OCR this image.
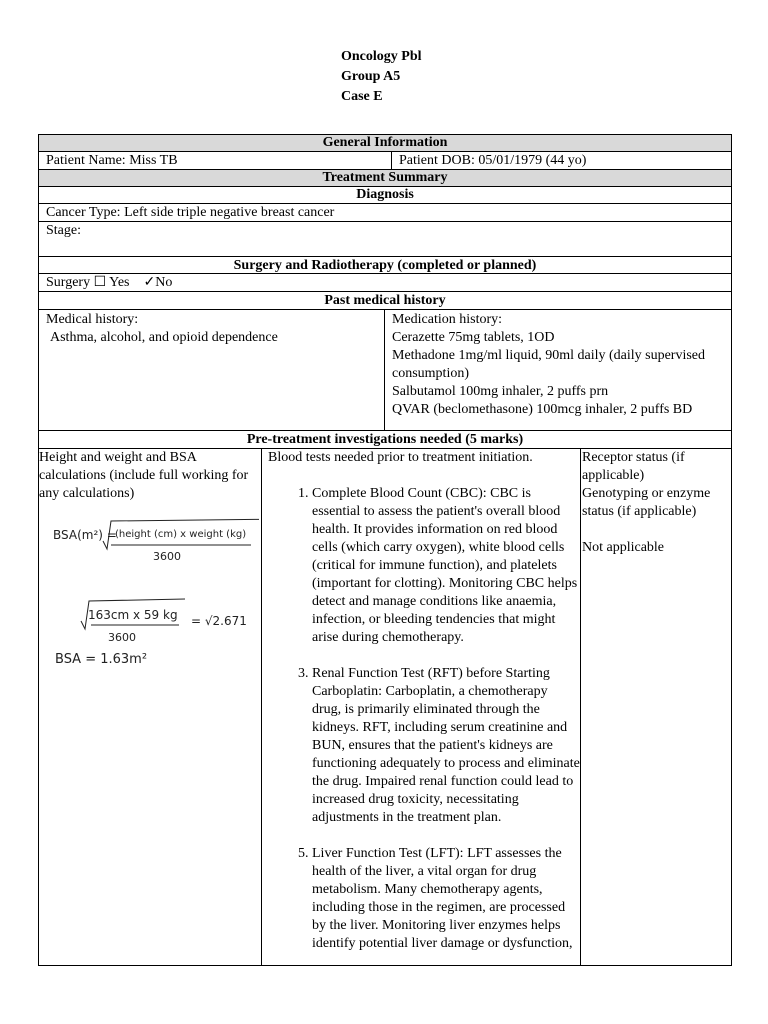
Oncology Pbl
Group A5
Case E
General Information
Patient Name: Miss TB	Patient DOB: 05/01/1979 (44 yo)
Treatment Summary
Diagnosis
Cancer Type: Left side triple negative breast cancer
Stage:
Surgery and Radiotherapy (completed or planned)
Surgery ☐ Yes ✓No
Past medical history
Medical history:
Asthma, alcohol, and opioid dependence
Medication history:
Cerazette 75mg tablets, 1OD
Methadone 1mg/ml liquid, 90ml daily (daily supervised consumption)
Salbutamol 100mg inhaler, 2 puffs prn
QVAR (beclomethasone) 100mcg inhaler, 2 puffs BD
Pre-treatment investigations needed (5 marks)
Height and weight and BSA calculations (include full working for any calculations)
BSA(m²) =
(height (cm) x weight (kg)
3600
163cm x 59 kg
3600
= √2.671
BSA = 1.63m²
Blood tests needed prior to treatment initiation.
1. Complete Blood Count (CBC): CBC is essential to assess the patient's overall blood health. It provides information on red blood cells (which carry oxygen), white blood cells (critical for immune function), and platelets (important for clotting). Monitoring CBC helps detect and manage conditions like anaemia, infection, or bleeding tendencies that might arise during chemotherapy.
3. Renal Function Test (RFT) before Starting Carboplatin: Carboplatin, a chemotherapy drug, is primarily eliminated through the kidneys. RFT, including serum creatinine and BUN, ensures that the patient's kidneys are functioning adequately to process and eliminate the drug. Impaired renal function could lead to increased drug toxicity, necessitating adjustments in the treatment plan.
5. Liver Function Test (LFT): LFT assesses the health of the liver, a vital organ for drug metabolism. Many chemotherapy agents, including those in the regimen, are processed by the liver. Monitoring liver enzymes helps identify potential liver damage or dysfunction,
Receptor status (if applicable)
Genotyping or enzyme status (if applicable)
Not applicable
